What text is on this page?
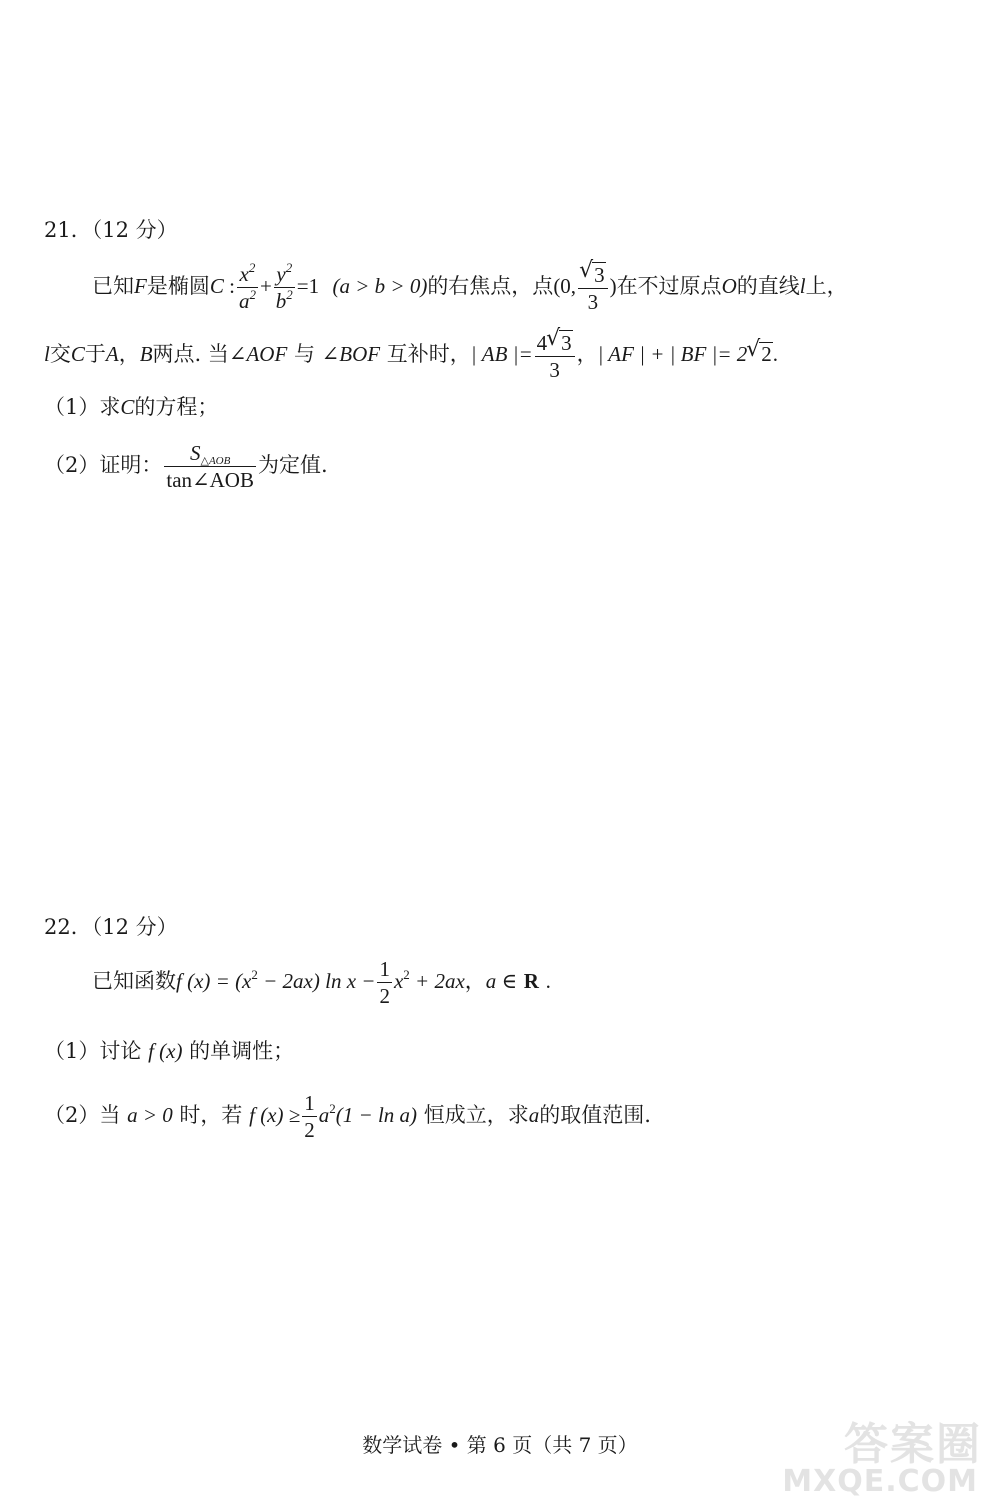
21．（12 分）
已知F是椭圆C : $\frac{x^2}{a^2} + \frac{y^2}{b^2} =1$ (a > b > 0)的右焦点，点(0, √ $\frac{3}{3}$ )在不过原点O的直线l上，
l交C于A，B两点. 当∠AOF 与 ∠BOF 互补时，| AB |= $\frac{4 √ 3}{3}$ ，| AF | + | BF |= 2 √ 2.
（1）求C的方程；
（2）证明： $\frac{S_{\triangle AOB}}{\text{tan∠AOB}}$ 为定值.
22．（12 分）
已知函数f $(x) = (x^2 - 2ax)$ $\ln x - \frac{1}{2} x^2 + 2ax$，a ∈ R .
（1）讨论 f (x) 的单调性；
（2）当 a > 0 时，若 f $(x) \ge \frac{1}{2} a^2(1 - \ln a)$ 恒成立，求a的取值范围.
数学试卷 • 第 6 页（共 7 页）	答案圈
MXQE.COM
